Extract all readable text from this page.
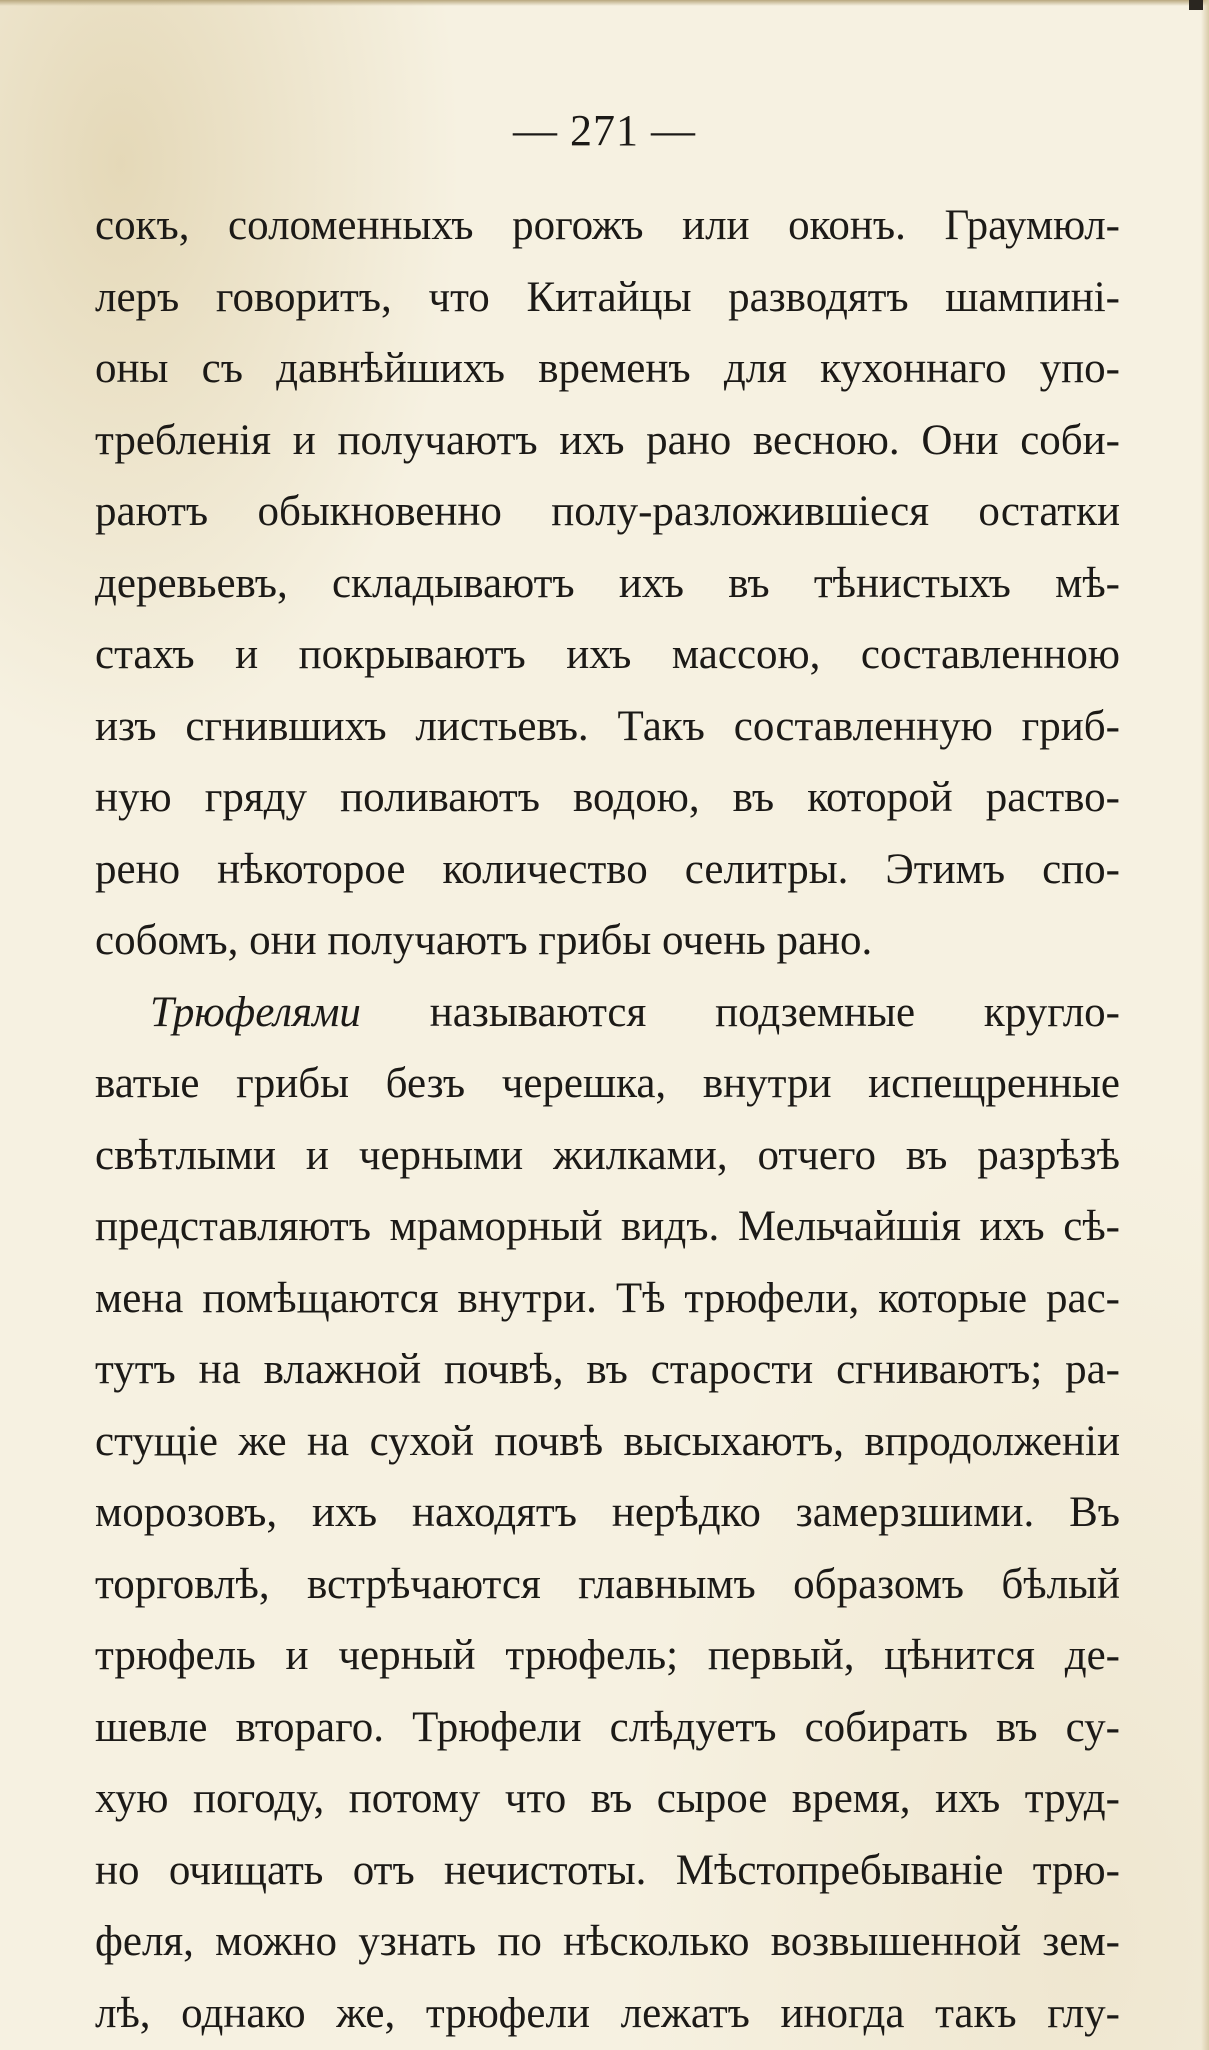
— 271 —
сокъ, соломенныхъ рогожъ или оконъ. Граумюл-
леръ говоритъ, что Китайцы разводятъ шампині-
оны съ давнѣйшихъ временъ для кухоннаго упо-
требленія и получаютъ ихъ рано весною. Они соби-
раютъ обыкновенно полу-разложившіеся остатки
деревьевъ, складываютъ ихъ въ тѣнистыхъ мѣ-
стахъ и покрываютъ ихъ массою, составленною
изъ сгнившихъ листьевъ. Такъ составленную гриб-
ную гряду поливаютъ водою, въ которой раство-
рено нѣкоторое количество селитры. Этимъ спо-
собомъ, они получаютъ грибы очень рано.
Трюфелями называются подземные кругло-
ватые грибы безъ черешка, внутри испещренные
свѣтлыми и черными жилками, отчего въ разрѣзѣ
представляютъ мраморный видъ. Мельчайшія ихъ сѣ-
мена помѣщаются внутри. Тѣ трюфели, которые рас-
тутъ на влажной почвѣ, въ старости сгниваютъ; ра-
стущіе же на сухой почвѣ высыхаютъ, впродолженіи
морозовъ, ихъ находятъ нерѣдко замерзшими. Въ
торговлѣ, встрѣчаются главнымъ образомъ бѣлый
трюфель и черный трюфель; первый, цѣнится де-
шевле втораго. Трюфели слѣдуетъ собирать въ су-
хую погоду, потому что въ сырое время, ихъ труд-
но очищать отъ нечистоты. Мѣстопребываніе трю-
феля, можно узнать по нѣсколько возвышенной зем-
лѣ, однако же, трюфели лежатъ иногда такъ глу-
